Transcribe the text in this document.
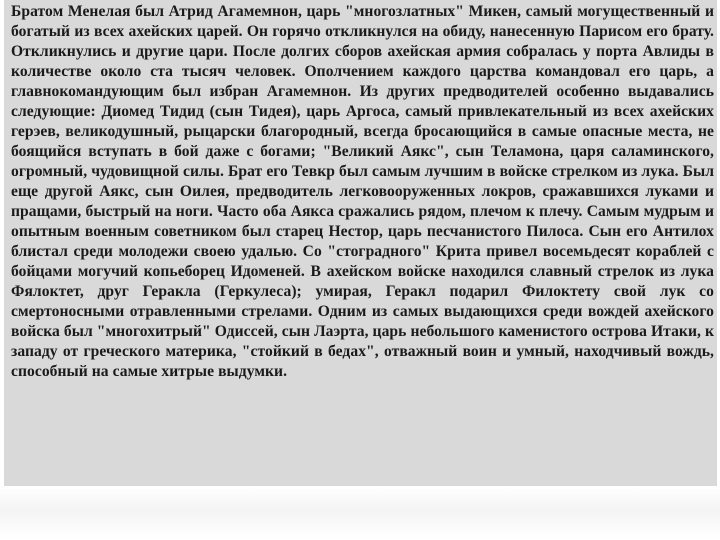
Братом Менелая был Атрид Агамемнон, царь "многозлатных" Микен, самый могущественный и богатый из всех ахейских царей. Он горячо откликнулся на обиду, нанесенную Парисом его брату. Откликнулись и другие цари. После долгих сборов ахейская армия собралась у порта Авлиды в количестве около ста тысяч человек. Ополчением каждого царства командовал его царь, а главнокомандующим был избран Агамемнон. Из других предводителей особенно выдавались следующие: Диомед Тидид (сын Тидея), царь Аргоса, самый привлекательный из всех ахейских герэев, великодушный, рыцарски благородный, всегда бросающийся в самые опасные места, не боящийся вступать в бой даже с богами; "Великий Аякс", сын Теламона, царя саламинского, огромный, чудовищной силы. Брат его Тевкр был самым лучшим в войске стрелком из лука. Был еще другой Аякс, сын Оилея, предводитель легковооруженных локров, сражавшихся луками и пращами, быстрый на ноги. Часто оба Аякса сражались рядом, плечом к плечу. Самым мудрым и опытным военным советником был старец Нестор, царь песчанистого Пилоса. Сын его Антилох блистал среди молодежи своею удалью. Со "стоградного" Крита привел восемьдесят кораблей с бойцами могучий копьеборец Идоменей. В ахейском войске находился славный стрелок из лука Фялоктет, друг Геракла (Геркулеса); умирая, Геракл подарил Филоктету свой лук со смертоносными отравленными стрелами. Одним из самых выдающихся среди вождей ахейского войска был "многохитрый" Одиссей, сын Лаэрта, царь небольшого каменистого острова Итаки, к западу от греческого материка, "стойкий в бедах", отважный воин и умный, находчивый вождь, способный на самые хитрые выдумки.
